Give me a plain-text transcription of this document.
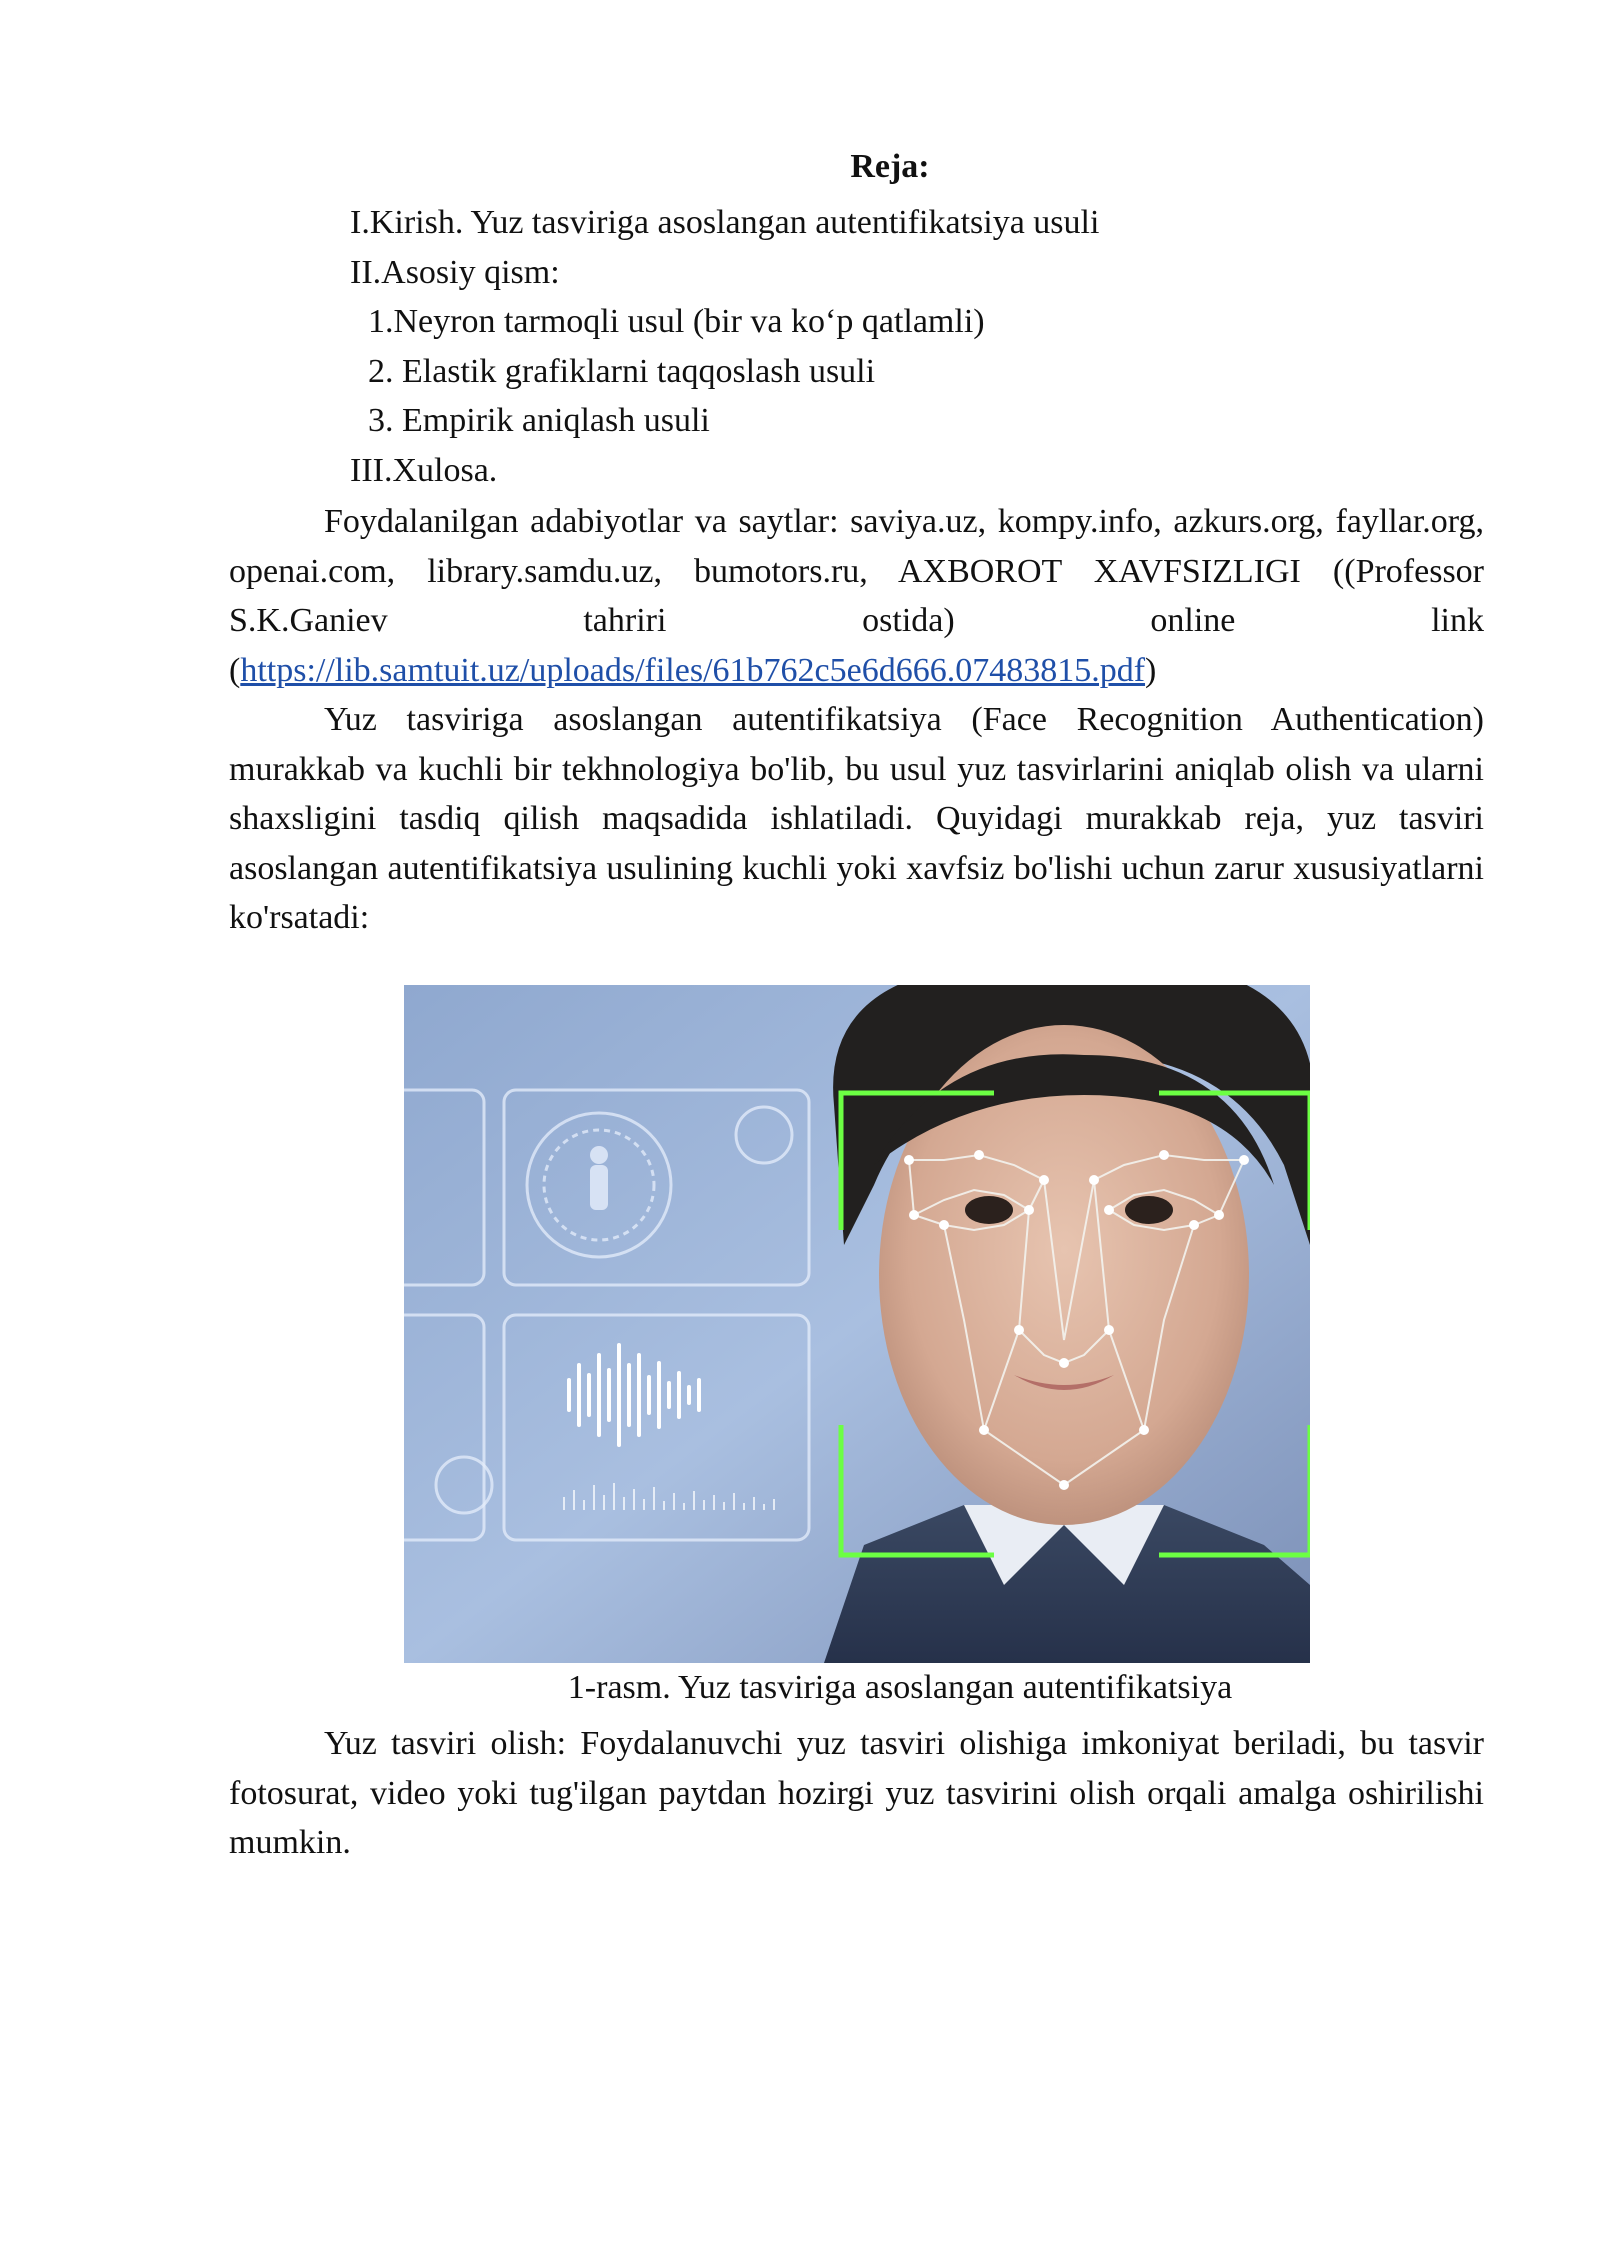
Reja:
I.Kirish. Yuz tasviriga asoslangan autentifikatsiya usuli
II.Asosiy qism:
1.Neyron tarmoqli usul (bir va ko‘p qatlamli)
2. Elastik grafiklarni taqqoslash usuli
3. Empirik aniqlash usuli
III.Xulosa.

Foydalanilgan adabiyotlar va saytlar: saviya.uz, kompy.info, azkurs.org, fayllar.org, openai.com, library.samdu.uz, bumotors.ru, AXBOROT XAVFSIZLIGI ((Professor S.K.Ganiev tahriri ostida) online link (https://lib.samtuit.uz/uploads/files/61b762c5e6d666.07483815.pdf)

Yuz tasviriga asoslangan autentifikatsiya (Face Recognition Authentication) murakkab va kuchli bir tekhnologiya bo'lib, bu usul yuz tasvirlarini aniqlab olish va ularni shaxsligini tasdiq qilish maqsadida ishlatiladi. Quyidagi murakkab reja, yuz tasviri asoslangan autentifikatsiya usulining kuchli yoki xavfsiz bo'lishi uchun zarur xususiyatlarni ko'rsatadi:

1-rasm. Yuz tasviriga asoslangan autentifikatsiya

Yuz tasviri olish: Foydalanuvchi yuz tasviri olishiga imkoniyat beriladi, bu tasvir fotosurat, video yoki tug'ilgan paytdan hozirgi yuz tasvirini olish orqali amalga oshirilishi mumkin.
